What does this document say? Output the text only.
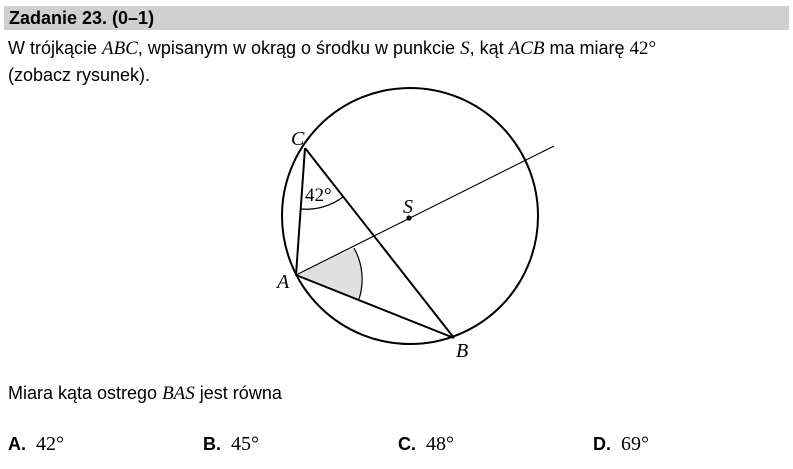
Zadanie 23. (0–1)
W trójkącie ABC, wpisanym w okrąg o środku w punkcie S, kąt ACB ma miarę 42°
(zobacz rysunek).
C
A
B
S
42°
Miara kąta ostrego BAS jest równa
A. 42°	B. 45°	C. 48°	D. 69°
